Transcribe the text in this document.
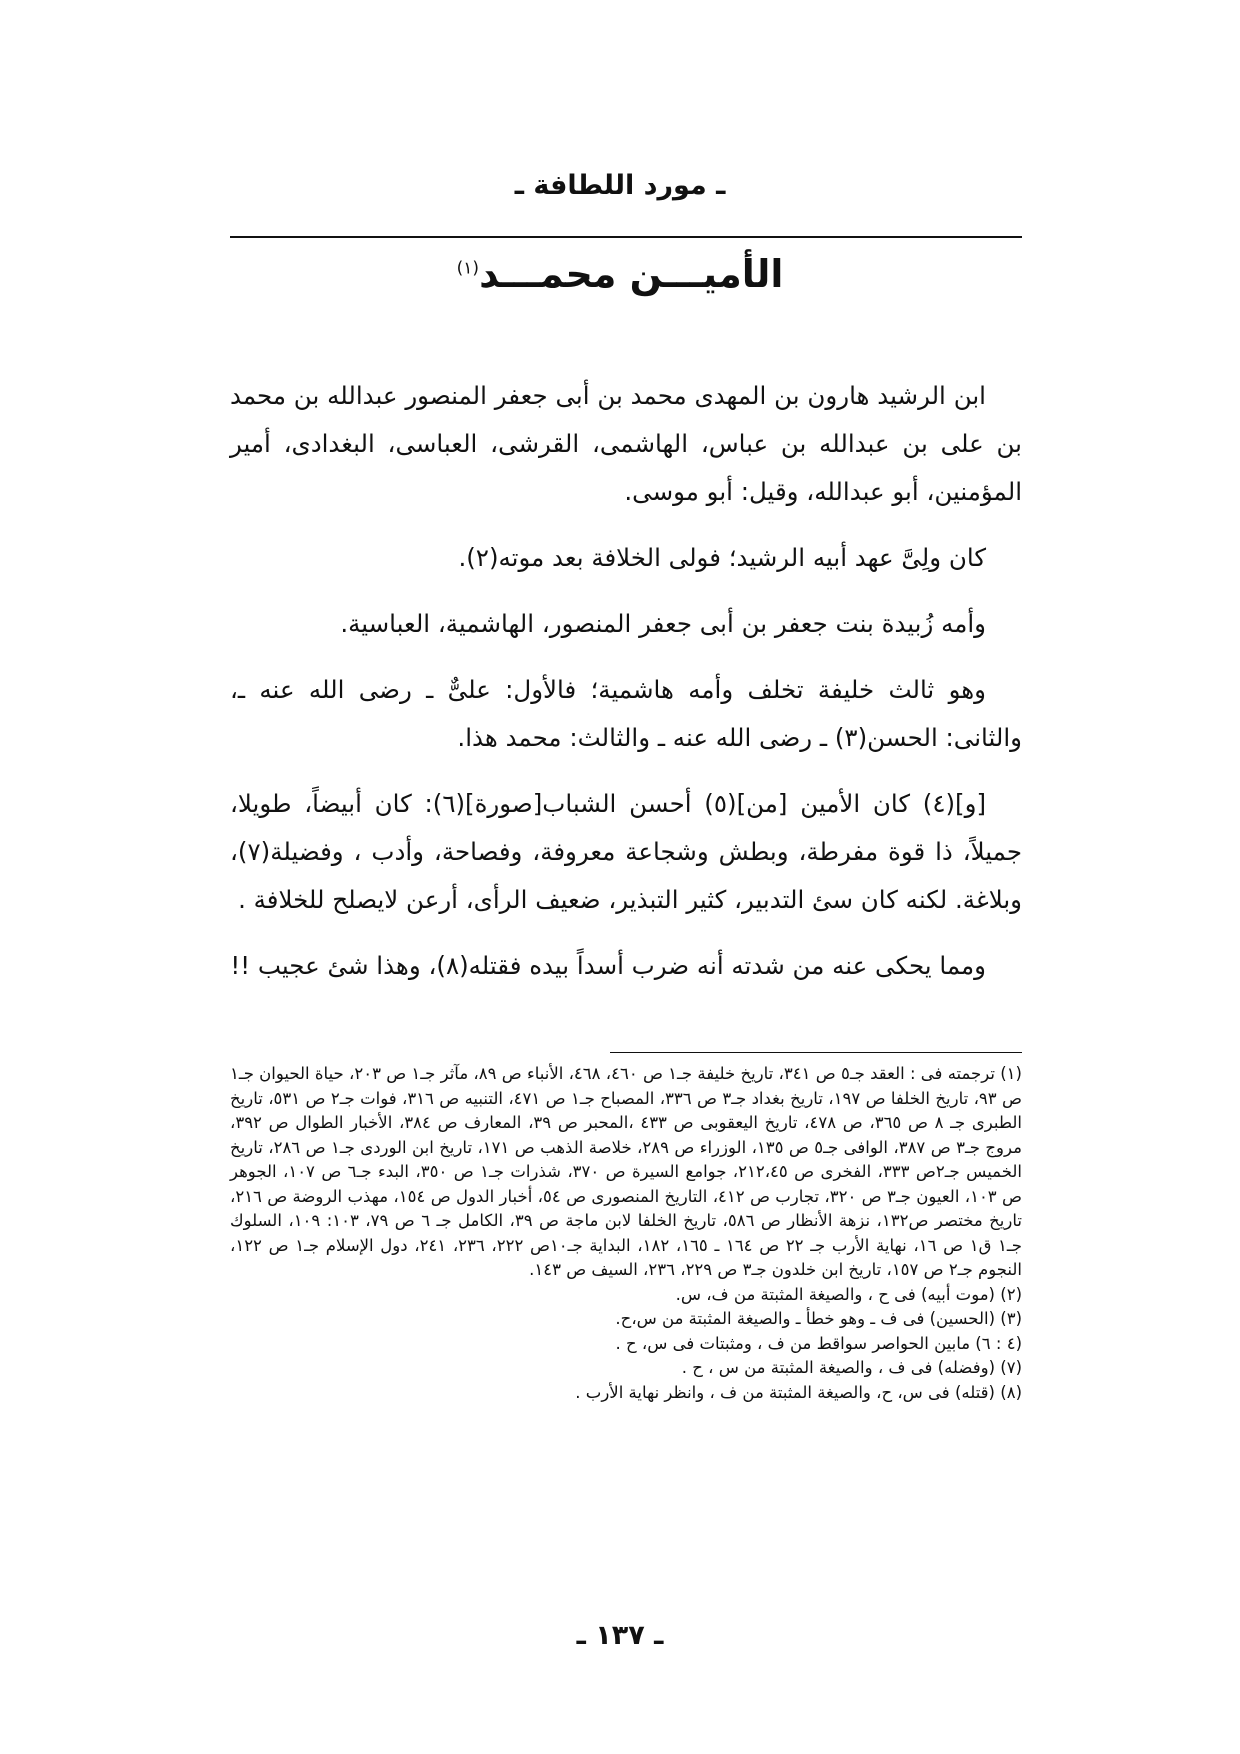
ـ مورد اللطافة ـ
الأميـــن محمـــد$^{(١)}$

ابن الرشيد هارون بن المهدى محمد بن أبى جعفر المنصور عبدالله بن محمد بن على بن عبدالله بن عباس، الهاشمى، القرشى، العباسى، البغدادى، أمير المؤمنين، أبو عبدالله، وقيل: أبو موسى.

كان ولِىَّ عهد أبيه الرشيد؛ فولى الخلافة بعد موته(٢).

وأمه زُبيدة بنت جعفر بن أبى جعفر المنصور، الهاشمية، العباسية.

وهو ثالث خليفة تخلف وأمه هاشمية؛ فالأول: علىٌّ ـ رضى الله عنه ـ، والثانى: الحسن(٣) ـ رضى الله عنه ـ والثالث: محمد هذا.

[و](٤) كان الأمين [من](٥) أحسن الشباب[صورة](٦): كان أبيضاً، طويلا، جميلاً، ذا قوة مفرطة، وبطش وشجاعة معروفة، وفصاحة، وأدب ، وفضيلة(٧)، وبلاغة. لكنه كان سئ التدبير، كثير التبذير، ضعيف الرأى، أرعن لايصلح للخلافة .

ومما يحكى عنه من شدته أنه ضرب أسداً بيده فقتله(٨)، وهذا شئ عجيب !!

(١) ترجمته فى : العقد جـ٥ ص ٣٤١، تاريخ خليفة جـ١ ص ٤٦٠، ٤٦٨، الأنباء ص ٨٩، مآثر جـ١ ص ٢٠٣، حياة الحيوان جـ١ ص ٩٣، تاريخ الخلفا ص ١٩٧، تاريخ بغداد جـ٣ ص ٣٣٦، المصباح جـ١ ص ٤٧١، التنبيه ص ٣١٦، فوات جـ٢ ص ٥٣١، تاريخ الطبرى جـ ٨ ص ٣٦٥، ص ٤٧٨، تاريخ اليعقوبى ص ٤٣٣ ،المحبر ص ٣٩، المعارف ص ٣٨٤، الأخبار الطوال ص ٣٩٢، مروج جـ٣ ص ٣٨٧، الوافى جـ٥ ص ١٣٥، الوزراء ص ٢٨٩، خلاصة الذهب ص ١٧١، تاريخ ابن الوردى جـ١ ص ٢٨٦، تاريخ الخميس جـ٢ص ٣٣٣، الفخرى ص ٢١٢،٤٥، جوامع السيرة ص ٣٧٠، شذرات جـ١ ص ٣٥٠، البدء جـ٦ ص ١٠٧، الجوهر ص ١٠٣، العيون جـ٣ ص ٣٢٠، تجارب ص ٤١٢، التاريخ المنصورى ص ٥٤، أخبار الدول ص ١٥٤، مهذب الروضة ص ٢١٦، تاريخ مختصر ص١٣٢، نزهة الأنظار ص ٥٨٦، تاريخ الخلفا لابن ماجة ص ٣٩، الكامل جـ ٦ ص ٧٩، ١٠٣: ١٠٩، السلوك جـ١ ق١ ص ١٦، نهاية الأرب جـ ٢٢ ص ١٦٤ ـ ١٦٥، ١٨٢، البداية جـ١٠ص ٢٢٢، ٢٣٦، ٢٤١، دول الإسلام جـ١ ص ١٢٢، النجوم جـ٢ ص ١٥٧، تاريخ ابن خلدون جـ٣ ص ٢٢٩، ٢٣٦، السيف ص ١٤٣.

(٢) (موت أبيه) فى ح ، والصيغة المثبتة من ف، س.

(٣) (الحسين) فى ف ـ وهو خطأ ـ والصيغة المثبتة من س،ح.

(٤ : ٦) مابين الحواصر سواقط من ف ، ومثبتات فى س، ح .

(٧) (وفضله) فى ف ، والصيغة المثبتة من س ، ح .

(٨) (قتله) فى س، ح، والصيغة المثبتة من ف ، وانظر نهاية الأرب .

ـ ١٣٧ ـ
